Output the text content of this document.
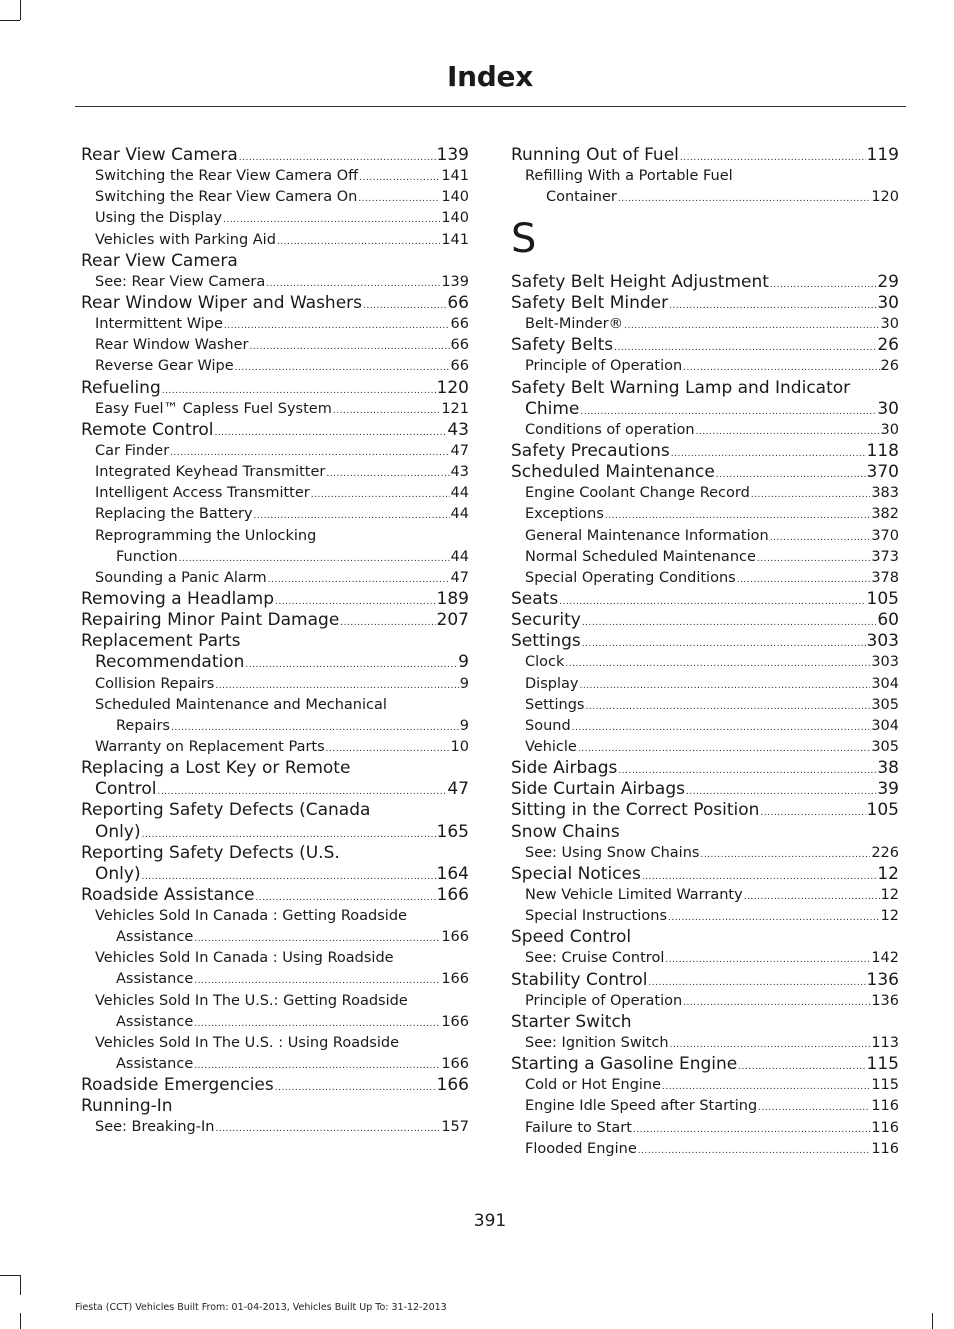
Index
Rear View Camera .....	139
Switching the Rear View Camera Off .....	141
Switching the Rear View Camera On .....	140
Using the Display .....	140
Vehicles with Parking Aid .....	141
Rear View Camera
See: Rear View Camera .....	139
Rear Window Wiper and Washers .....	66
Intermittent Wipe .....	66
Rear Window Washer .....	66
Reverse Gear Wipe .....	66
Refueling .....	120
Easy Fuel™ Capless Fuel System .....	121
Remote Control .....	43
Car Finder .....	47
Integrated Keyhead Transmitter .....	43
Intelligent Access Transmitter .....	44
Replacing the Battery .....	44
Reprogramming the Unlocking
Function .....	44
Sounding a Panic Alarm .....	47
Removing a Headlamp .....	189
Repairing Minor Paint Damage .....	207
Replacement Parts
Recommendation .....	9
Collision Repairs .....	9
Scheduled Maintenance and Mechanical
Repairs .....	9
Warranty on Replacement Parts .....	10
Replacing a Lost Key or Remote
Control .....	47
Reporting Safety Defects (Canada
Only) .....	165
Reporting Safety Defects (U.S.
Only) .....	164
Roadside Assistance .....	166
Vehicles Sold In Canada : Getting Roadside
Assistance .....	166
Vehicles Sold In Canada : Using Roadside
Assistance .....	166
Vehicles Sold In The U.S.: Getting Roadside
Assistance .....	166
Vehicles Sold In The U.S. : Using Roadside
Assistance .....	166
Roadside Emergencies .....	166
Running-In
See: Breaking-In .....	157
Running Out of Fuel .....	119
Refilling With a Portable Fuel
Container .....	120
S
Safety Belt Height Adjustment .....	29
Safety Belt Minder .....	30
Belt-Minder® .....	30
Safety Belts .....	26
Principle of Operation .....	26
Safety Belt Warning Lamp and Indicator
Chime .....	30
Conditions of operation .....	30
Safety Precautions .....	118
Scheduled Maintenance .....	370
Engine Coolant Change Record .....	383
Exceptions .....	382
General Maintenance Information .....	370
Normal Scheduled Maintenance .....	373
Special Operating Conditions .....	378
Seats .....	105
Security .....	60
Settings .....	303
Clock .....	303
Display .....	304
Settings .....	305
Sound .....	304
Vehicle .....	305
Side Airbags .....	38
Side Curtain Airbags .....	39
Sitting in the Correct Position .....	105
Snow Chains
See: Using Snow Chains .....	226
Special Notices .....	12
New Vehicle Limited Warranty .....	12
Special Instructions .....	12
Speed Control
See: Cruise Control .....	142
Stability Control .....	136
Principle of Operation .....	136
Starter Switch
See: Ignition Switch .....	113
Starting a Gasoline Engine .....	115
Cold or Hot Engine .....	115
Engine Idle Speed after Starting .....	116
Failure to Start .....	116
Flooded Engine .....	116
391
Fiesta (CCT) Vehicles Built From: 01-04-2013, Vehicles Built Up To: 31-12-2013
